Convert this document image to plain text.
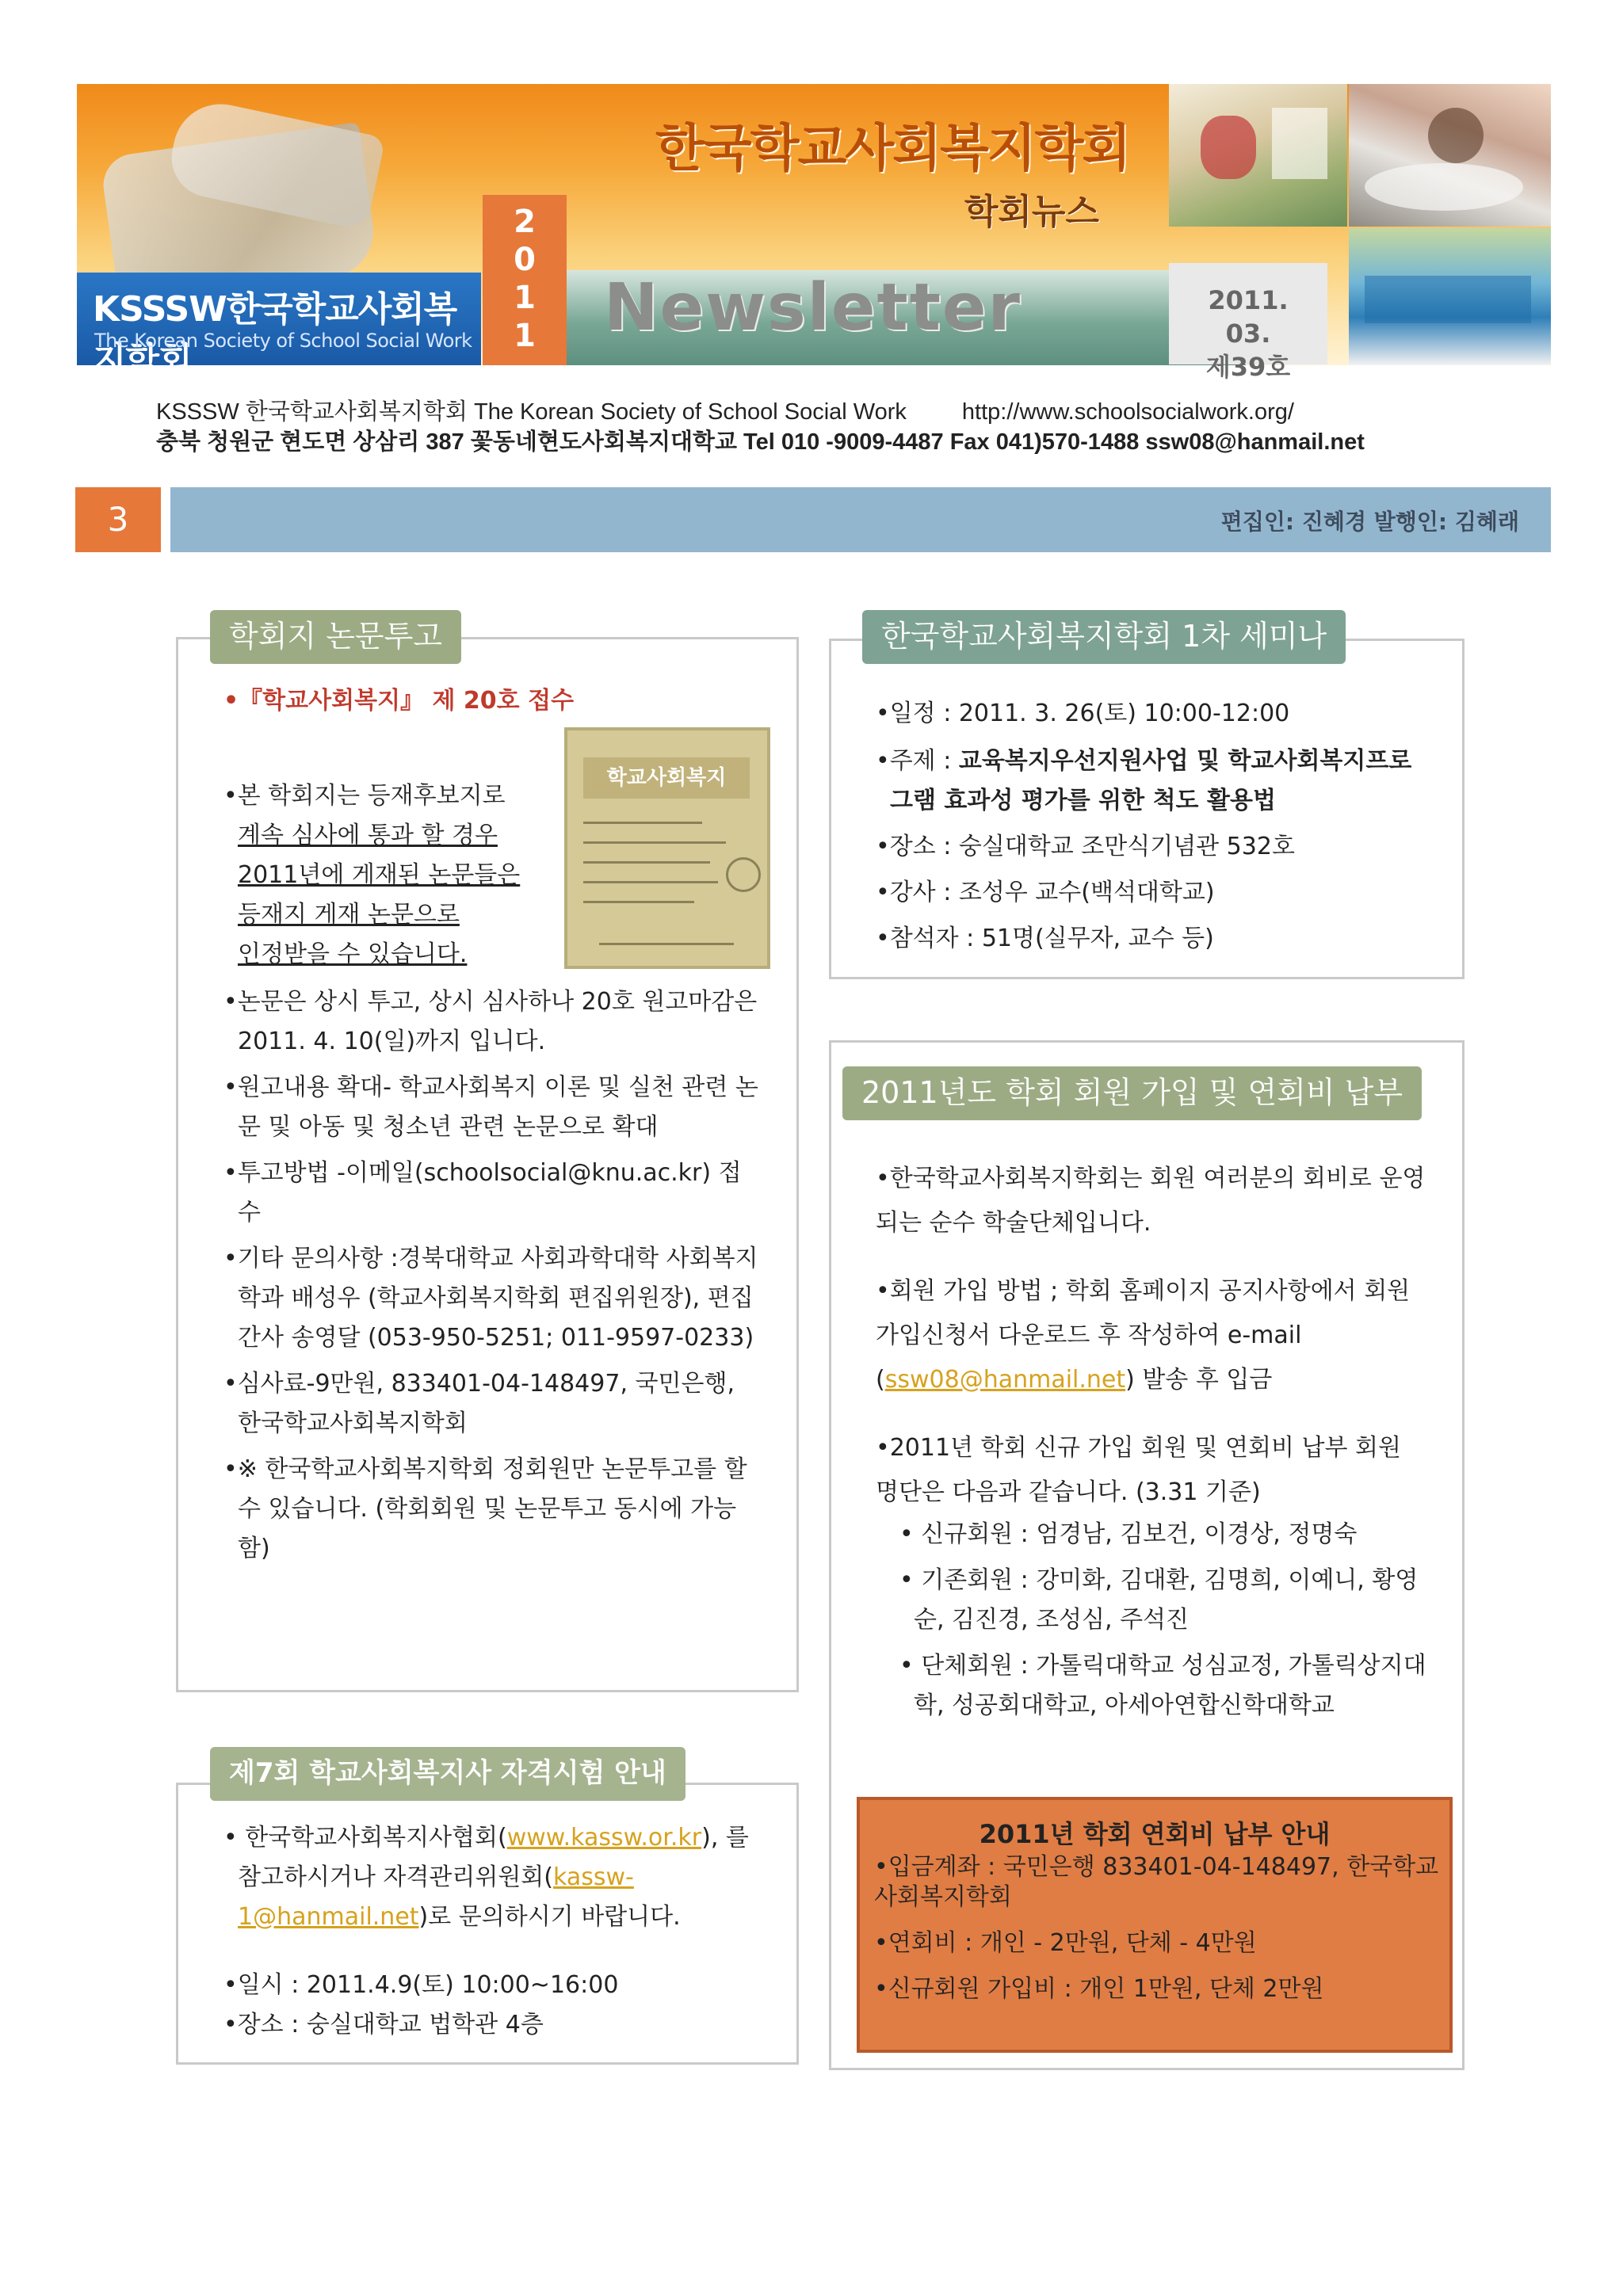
한국학교사회복지학회
학회뉴스
Newsletter
2
0
1
1
KSSSW한국학교사회복지학회
The Korean Society of School Social Work
2011. 03.
제39호
KSSSW 한국학교사회복지학회 The Korean Society of School Social Work http://www.schoolsocialwork.org/
충북 청원군 현도면 상삼리 387 꽃동네현도사회복지대학교 Tel 010 -9009-4487 Fax 041)570-1488 ssw08@hanmail.net
3	편집인: 진혜경 발행인: 김혜래
학회지 논문투고

•『학교사회복지』 제 20호 접수

•본 학회지는 등재후보지로

계속 심사에 통과 할 경우

2011년에 게재된 논문들은

등재지 게재 논문으로

인정받을 수 있습니다.

학교사회복지

•논문은 상시 투고, 상시 심사하나 20호 원고마감은 2011. 4. 10(일)까지 입니다.

•원고내용 확대- 학교사회복지 이론 및 실천 관련 논문 및 아동 및 청소년 관련 논문으로 확대

•투고방법 -이메일(schoolsocial@knu.ac.kr) 접수

•기타 문의사항 :경북대학교 사회과학대학 사회복지학과 배성우 (학교사회복지학회 편집위원장), 편집간사 송영달 (053-950-5251; 011-9597-0233)

•심사료-9만원, 833401-04-148497, 국민은행, 한국학교사회복지학회

•※ 한국학교사회복지학회 정회원만 논문투고를 할 수 있습니다. (학회회원 및 논문투고 동시에 가능함)

제7회 학교사회복지사 자격시험 안내

• 한국학교사회복지사협회(www.kassw.or.kr), 를 참고하시거나 자격관리위원회(kassw-1@hanmail.net)로 문의하시기 바랍니다.

•일시 : 2011.4.9(토) 10:00~16:00

•장소 : 숭실대학교 법학관 4층

한국학교사회복지학회 1차 세미나

•일정 : 2011. 3. 26(토) 10:00-12:00

•주제 : 교육복지우선지원사업 및 학교사회복지프로그램 효과성 평가를 위한 척도 활용법

•장소 : 숭실대학교 조만식기념관 532호

•강사 : 조성우 교수(백석대학교)

•참석자 : 51명(실무자, 교수 등)

2011년도 학회 회원 가입 및 연회비 납부

•한국학교사회복지학회는 회원 여러분의 회비로 운영되는 순수 학술단체입니다.

•회원 가입 방법 ; 학회 홈페이지 공지사항에서 회원가입신청서 다운로드 후 작성하여 e-mail (ssw08@hanmail.net) 발송 후 입금

•2011년 학회 신규 가입 회원 및 연회비 납부 회원 명단은 다음과 같습니다. (3.31 기준)

• 신규회원 : 엄경남, 김보건, 이경상, 정명숙

• 기존회원 : 강미화, 김대환, 김명희, 이예니, 황영순, 김진경, 조성심, 주석진

• 단체회원 : 가톨릭대학교 성심교정, 가톨릭상지대학, 성공회대학교, 아세아연합신학대학교

2011년 학회 연회비 납부 안내

•입금계좌 : 국민은행 833401-04-148497, 한국학교사회복지학회

•연회비 : 개인 - 2만원, 단체 - 4만원

•신규회원 가입비 : 개인 1만원, 단체 2만원
